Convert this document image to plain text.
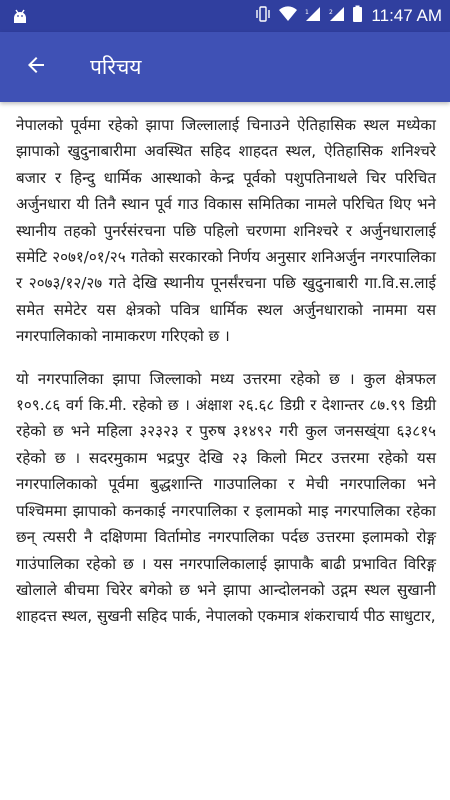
1	2 11:47 AM
परिचय

नेपालको पूर्वमा रहेको झापा जिल्लालाई चिनाउने ऐतिहासिक स्थल मध्येका झापाको खुदुनाबारीमा अवस्थित सहिद शाहदत स्थल, ऐतिहासिक शनिश्चरे बजार र हिन्दु धार्मिक आस्थाको केन्द्र पूर्वको पशुपतिनाथले चिर परिचित अर्जुनधारा यी तिनै स्थान पूर्व गाउ विकास समितिका नामले परिचित थिए भने स्थानीय तहको पुनर्रसंरचना पछि पहिलो चरणमा शनिश्चरे र अर्जुनधारालाई समेटि २०७१/०१/२५ गतेको सरकारको निर्णय अनुसार शनिअर्जुन नगरपालिका र २०७३/१२/२७ गते देखि स्थानीय पूनर्संरचना पछि खुदुनाबारी गा.वि.स.लाई समेत समेटेर यस क्षेत्रको पवित्र धार्मिक स्थल अर्जुनधाराको नाममा यस नगरपालिकाको नामाकरण गरिएको छ ।

यो नगरपालिका झापा जिल्लाको मध्य उत्तरमा रहेको छ । कुल क्षेत्रफल १०९.८६ वर्ग कि.मी. रहेको छ । अंक्षाश २६.६८ डिग्री र देशान्तर ८७.९९ डिग्री रहेको छ भने महिला ३२३२३ र पुरुष ३१४९२ गरी कुल जनसख्ंया ६३८१५ रहेको छ । सदरमुकाम भद्रपुर देखि २३ किलो मिटर उत्तरमा रहेको यस नगरपालिकाको पूर्वमा बुद्धशान्ति गाउपालिका र मेची नगरपालिका भने पश्चिममा झापाको कनकाई नगरपालिका र इलामको माइ नगरपालिका रहेका छन् त्यसरी नै दक्षिणमा विर्तामोड नगरपालिका पर्दछ उत्तरमा इलामको रोङ्ग गाउंपालिका रहेको छ । यस नगरपालिकालाई झापाकै बाढी प्रभावित विरिङ्ग खोलाले बीचमा चिरेर बगेको छ भने झापा आन्दोलनको उद्गम स्थल सुखानी शाहदत्त स्थल, सुखनी सहिद पार्क, नेपालको एकमात्र शंकराचार्य पीठ साधुटार,
